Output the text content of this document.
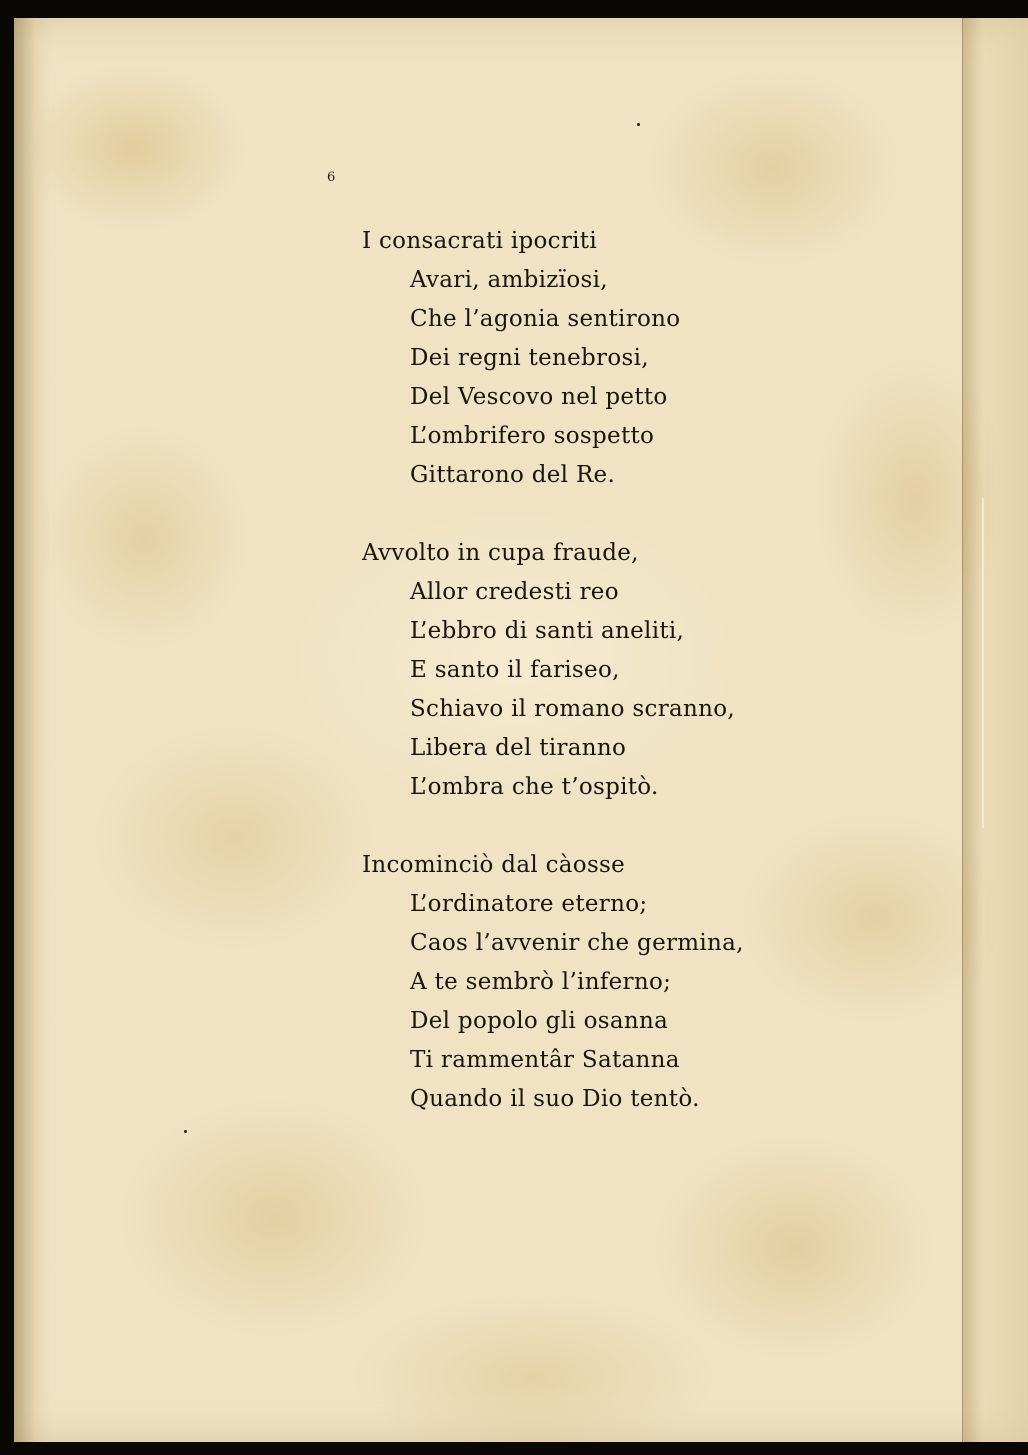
6
I consacrati ipocriti
Avari, ambizïosi,
Che l’agonia sentirono
Dei regni tenebrosi,
Del Vescovo nel petto
L’ombrifero sospetto
Gittarono del Re.
Avvolto in cupa fraude,
Allor credesti reo
L’ebbro di santi aneliti,
E santo il fariseo,
Schiavo il romano scranno,
Libera del tiranno
L’ombra che t’ospitò.
Incominciò dal càosse
L’ordinatore eterno;
Caos l’avvenir che germina,
A te sembrò l’inferno;
Del popolo gli osanna
Ti rammentâr Satanna
Quando il suo Dio tentò.
